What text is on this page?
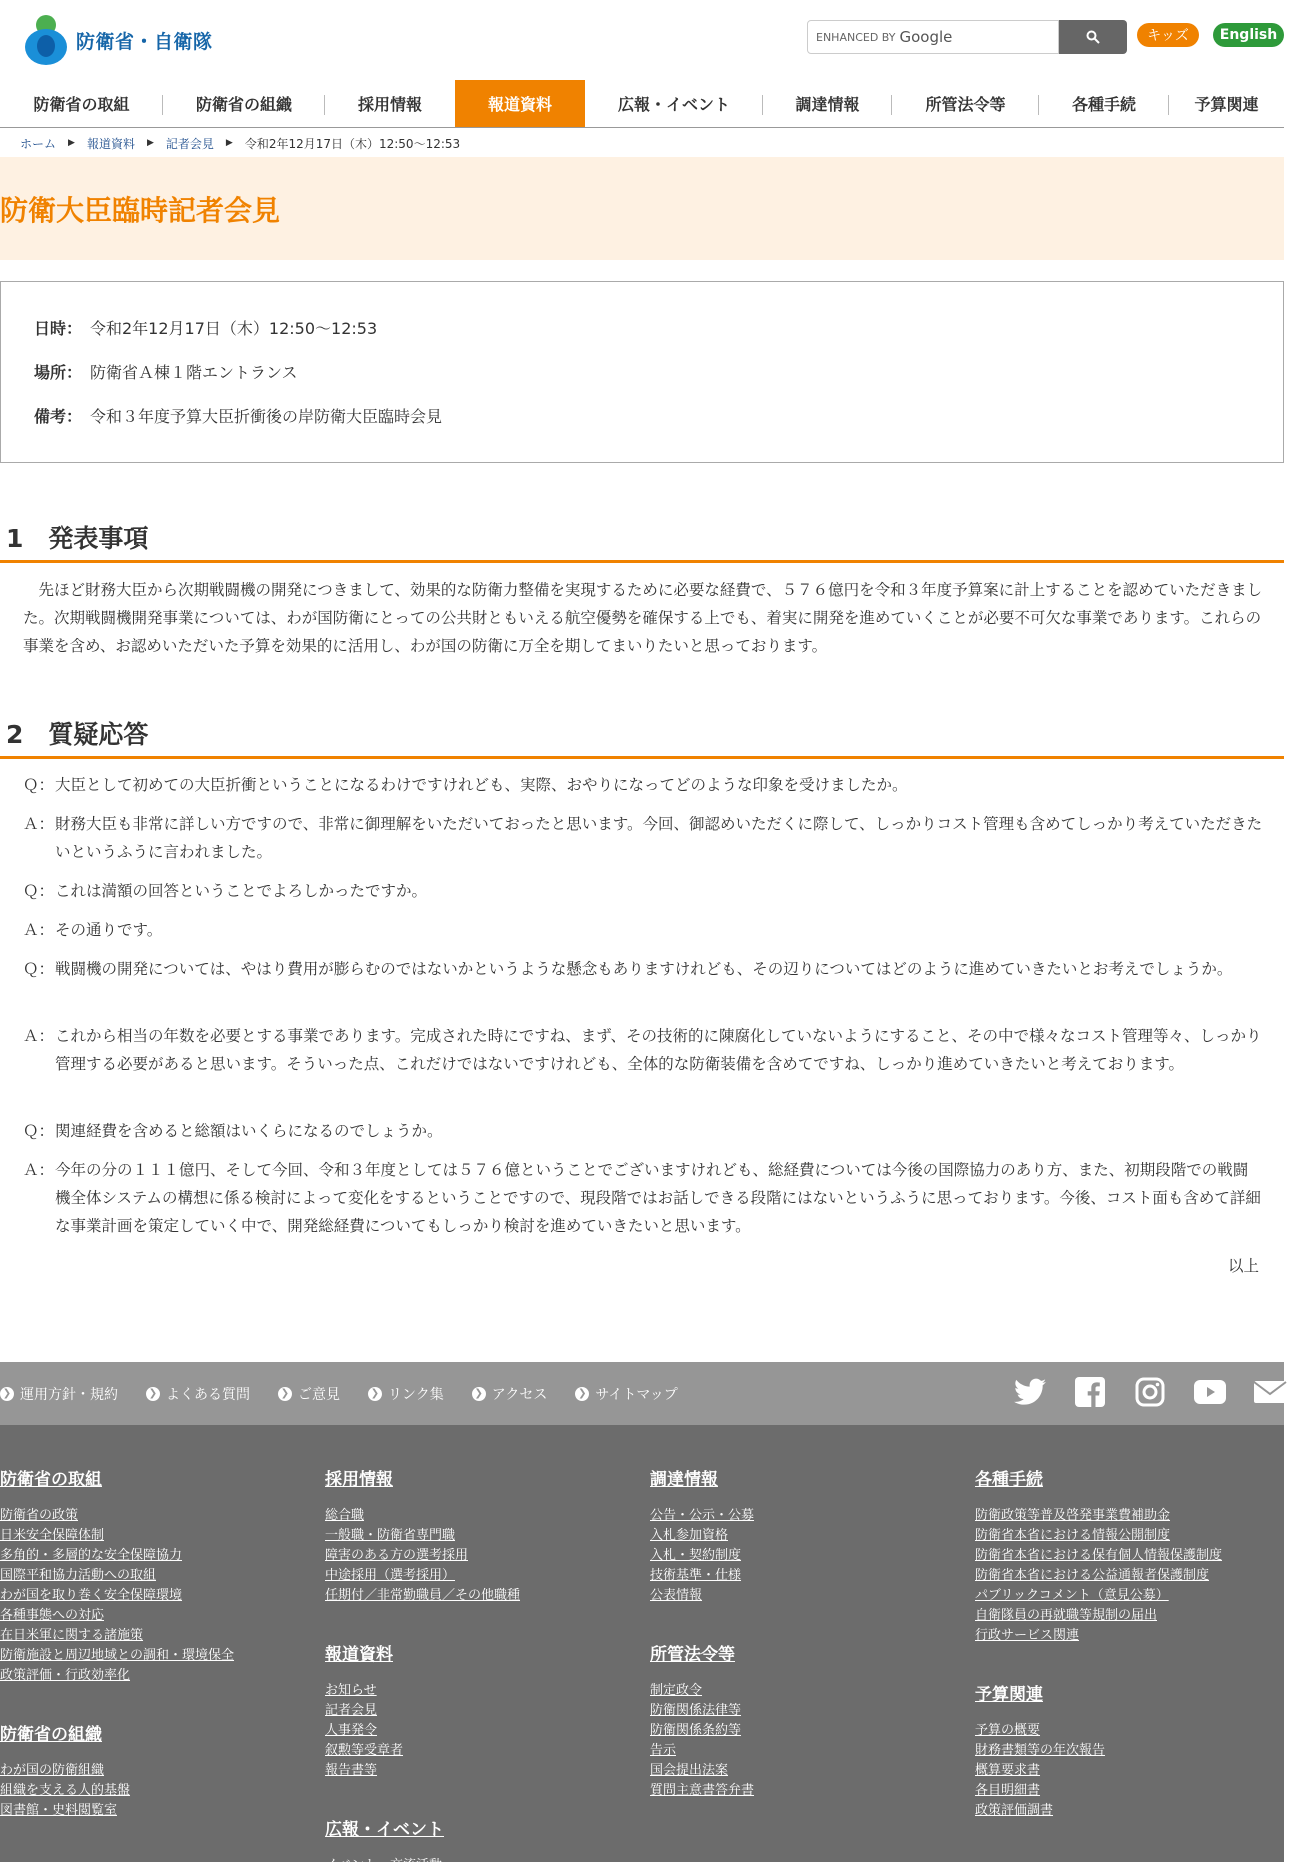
防衛省・自衛隊	ENHANCED BY Google	キッズ	English
防衛省の取組	防衛省の組織	採用情報	報道資料	広報・イベント	調達情報	所管法令等	各種手続	予算関連
ホーム ▶ 報道資料 ▶ 記者会見 ▶ 令和2年12月17日（木）12:50～12:53
防衛大臣臨時記者会見
日時： 令和2年12月17日（木）12:50～12:53
場所： 防衛省Ａ棟１階エントランス
備考： 令和３年度予算大臣折衝後の岸防衛大臣臨時会見
1　発表事項

　先ほど財務大臣から次期戦闘機の開発につきまして、効果的な防衛力整備を実現するために必要な経費で、５７６億円を令和３年度予算案に計上することを認めていただきました。次期戦闘機開発事業については、わが国防衛にとっての公共財ともいえる航空優勢を確保する上でも、着実に開発を進めていくことが必要不可欠な事業であります。これらの事業を含め、お認めいただいた予算を効果的に活用し、わが国の防衛に万全を期してまいりたいと思っております。

2　質疑応答
Ｑ： 大臣として初めての大臣折衝ということになるわけですけれども、実際、おやりになってどのような印象を受けましたか。
Ａ： 財務大臣も非常に詳しい方ですので、非常に御理解をいただいておったと思います。今回、御認めいただくに際して、しっかりコスト管理も含めてしっかり考えていただきたいというふうに言われました。
Ｑ： これは満額の回答ということでよろしかったですか。
Ａ： その通りです。
Ｑ： 戦闘機の開発については、やはり費用が膨らむのではないかというような懸念もありますけれども、その辺りについてはどのように進めていきたいとお考えでしょうか。
Ａ： これから相当の年数を必要とする事業であります。完成された時にですね、まず、その技術的に陳腐化していないようにすること、その中で様々なコスト管理等々、しっかり管理する必要があると思います。そういった点、これだけではないですけれども、全体的な防衛装備を含めてですね、しっかり進めていきたいと考えております。
Ｑ： 関連経費を含めると総額はいくらになるのでしょうか。
Ａ： 今年の分の１１１億円、そして今回、令和３年度としては５７６億ということでございますけれども、総経費については今後の国際協力のあり方、また、初期段階での戦闘機全体システムの構想に係る検討によって変化をするということですので、現段階ではお話しできる段階にはないというふうに思っております。今後、コスト面も含めて詳細な事業計画を策定していく中で、開発総経費についてもしっかり検討を進めていきたいと思います。
以上
❯ 運用方針・規約	❯ よくある質問	❯ ご意見	❯ リンク集	❯ アクセス	❯ サイトマップ
防衛省の取組
防衛省の政策
日米安全保障体制
多角的・多層的な安全保障協力
国際平和協力活動への取組
わが国を取り巻く安全保障環境
各種事態への対応
在日米軍に関する諸施策
防衛施設と周辺地域との調和・環境保全
政策評価・行政効率化
防衛省の組織
わが国の防衛組織
組織を支える人的基盤
図書館・史料閲覧室
採用情報
総合職
一般職・防衛省専門職
障害のある方の選考採用
中途採用（選考採用）
任期付／非常勤職員／その他職種
報道資料
お知らせ
記者会見
人事発令
叙勲等受章者
報告書等
広報・イベント
イベント・交流活動
調達情報
公告・公示・公募
入札参加資格
入札・契約制度
技術基準・仕様
公表情報
所管法令等
制定政令
防衛関係法律等
防衛関係条約等
告示
国会提出法案
質問主意書答弁書
各種手続
防衛政策等普及啓発事業費補助金
防衛省本省における情報公開制度
防衛省本省における保有個人情報保護制度
防衛省本省における公益通報者保護制度
パブリックコメント（意見公募）
自衛隊員の再就職等規制の届出
行政サービス関連
予算関連
予算の概要
財務書類等の年次報告
概算要求書
各目明細書
政策評価調書
